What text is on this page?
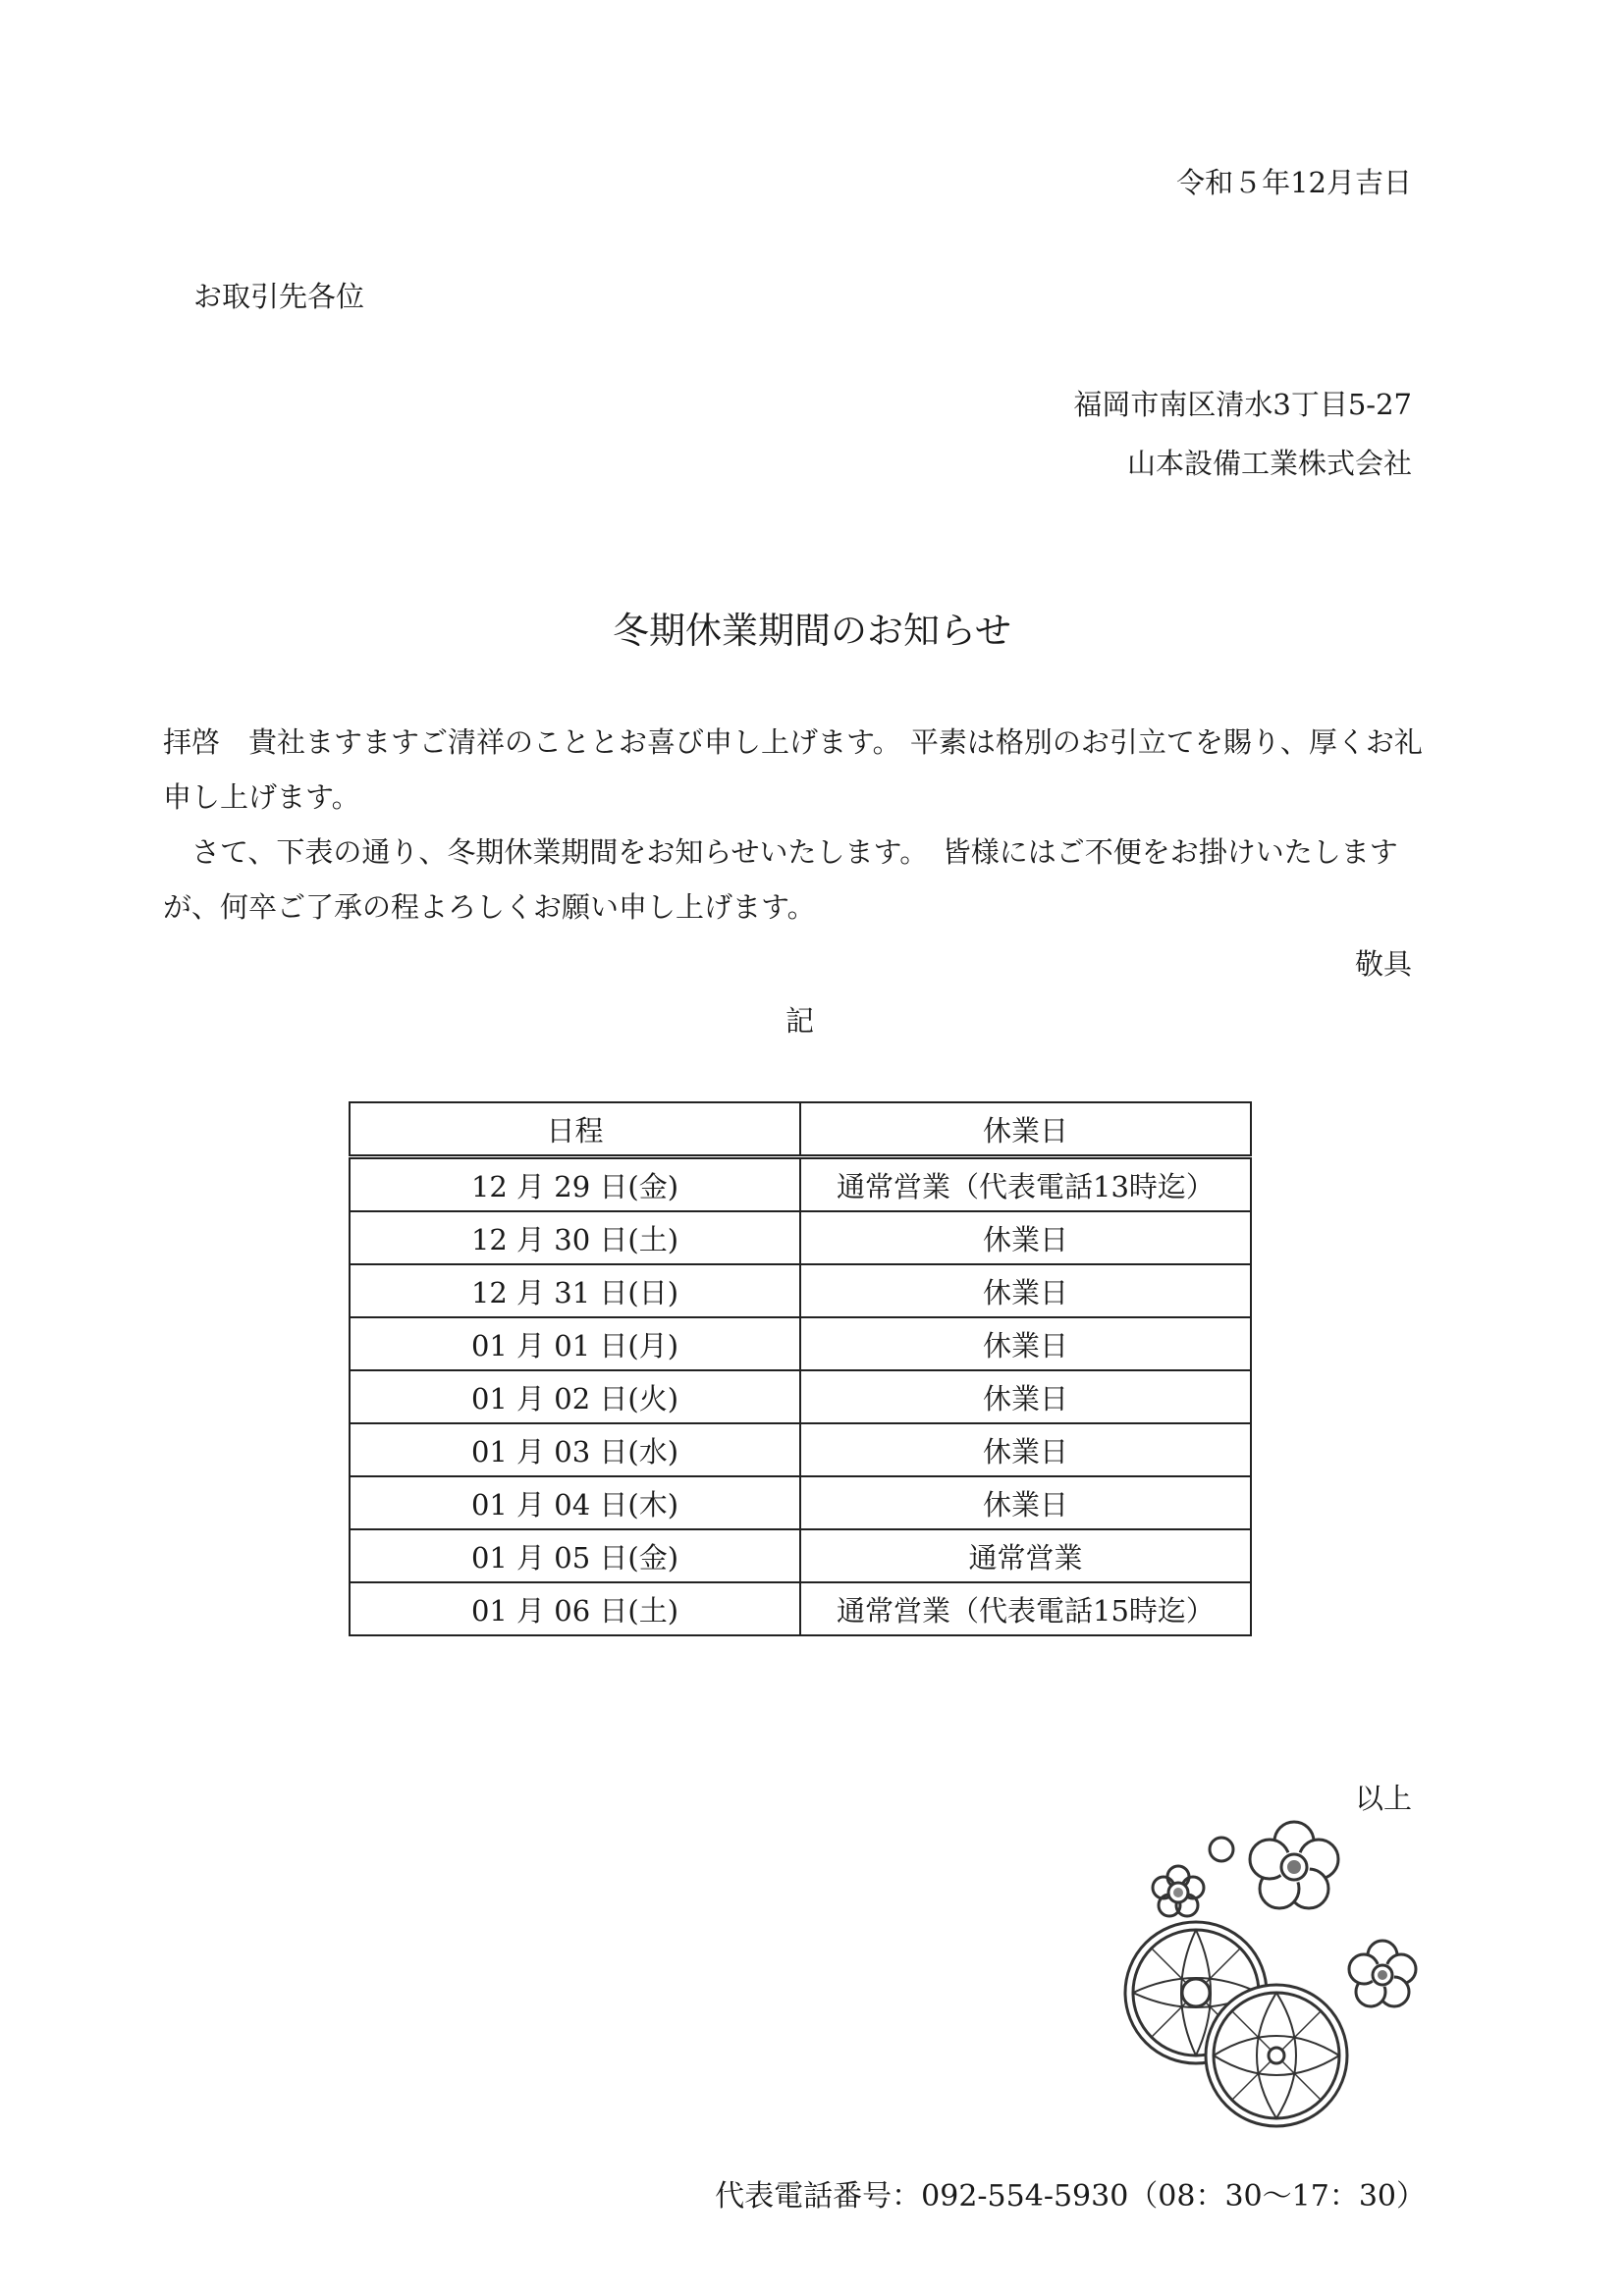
令和５年12月吉日
お取引先各位
福岡市南区清水3丁目5-27
山本設備工業株式会社
冬期休業期間のお知らせ
拝啓　貴社ますますご清祥のこととお喜び申し上げます。 平素は格別のお引立てを賜り、厚くお礼申し上げます。
さて、下表の通り、冬期休業期間をお知らせいたします。　皆様にはご不便をお掛けいたしますが、何卒ご了承の程よろしくお願い申し上げます。
敬具
記
日程	休業日
12 月 29 日(金)	通常営業（代表電話13時迄）
12 月 30 日(土)	休業日
12 月 31 日(日)	休業日
01 月 01 日(月)	休業日
01 月 02 日(火)	休業日
01 月 03 日(水)	休業日
01 月 04 日(木)	休業日
01 月 05 日(金)	通常営業
01 月 06 日(土)	通常営業（代表電話15時迄）
以上
代表電話番号：092-554-5930（08：30～17：30）
